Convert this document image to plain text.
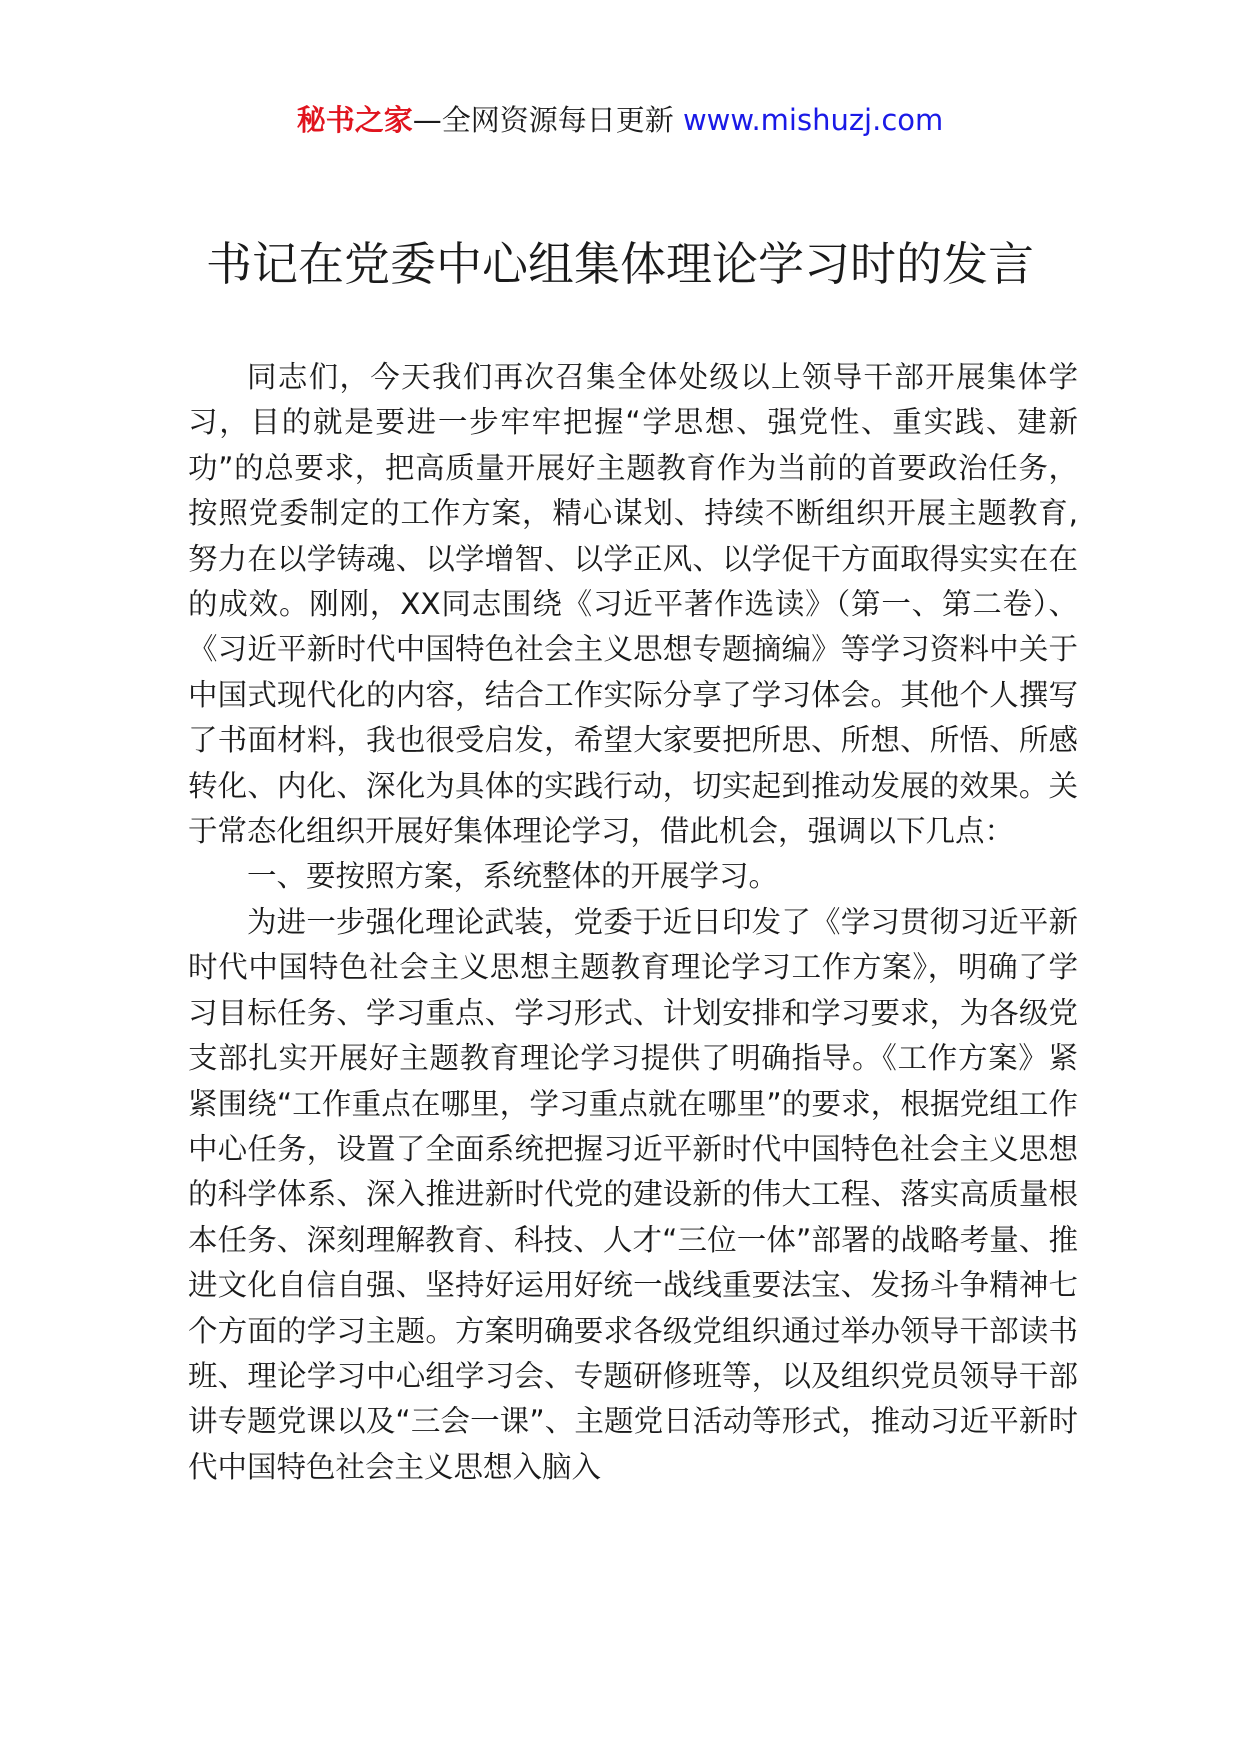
秘书之家—全网资源每日更新 www.mishuzj.com
书记在党委中心组集体理论学习时的发言

同志们，今天我们再次召集全体处级以上领导干部开展集体学习，目的就是要进一步牢牢把握“学思想、强党性、重实践、建新功”的总要求，把高质量开展好主题教育作为当前的首要政治任务，按照党委制定的工作方案，精心谋划、持续不断组织开展主题教育,努力在以学铸魂、以学增智、以学正风、以学促干方面取得实实在在的成效。刚刚，XX同志围绕《习近平著作选读》（第一、第二卷）、《习近平新时代中国特色社会主义思想专题摘编》等学习资料中关于中国式现代化的内容，结合工作实际分享了学习体会。其他个人撰写了书面材料，我也很受启发，希望大家要把所思、所想、所悟、所感转化、内化、深化为具体的实践行动，切实起到推动发展的效果。关于常态化组织开展好集体理论学习，借此机会，强调以下几点：

一、要按照方案，系统整体的开展学习。

为进一步强化理论武装，党委于近日印发了《学习贯彻习近平新时代中国特色社会主义思想主题教育理论学习工作方案》，明确了学习目标任务、学习重点、学习形式、计划安排和学习要求，为各级党支部扎实开展好主题教育理论学习提供了明确指导。《工作方案》紧紧围绕“工作重点在哪里，学习重点就在哪里”的要求，根据党组工作中心任务，设置了全面系统把握习近平新时代中国特色社会主义思想的科学体系、深入推进新时代党的建设新的伟大工程、落实高质量根本任务、深刻理解教育、科技、人才“三位一体”部署的战略考量、推进文化自信自强、坚持好运用好统一战线重要法宝、发扬斗争精神七个方面的学习主题。方案明确要求各级党组织通过举办领导干部读书班、理论学习中心组学习会、专题研修班等，以及组织党员领导干部讲专题党课以及“三会一课”、主题党日活动等形式，推动习近平新时代中国特色社会主义思想入脑入
